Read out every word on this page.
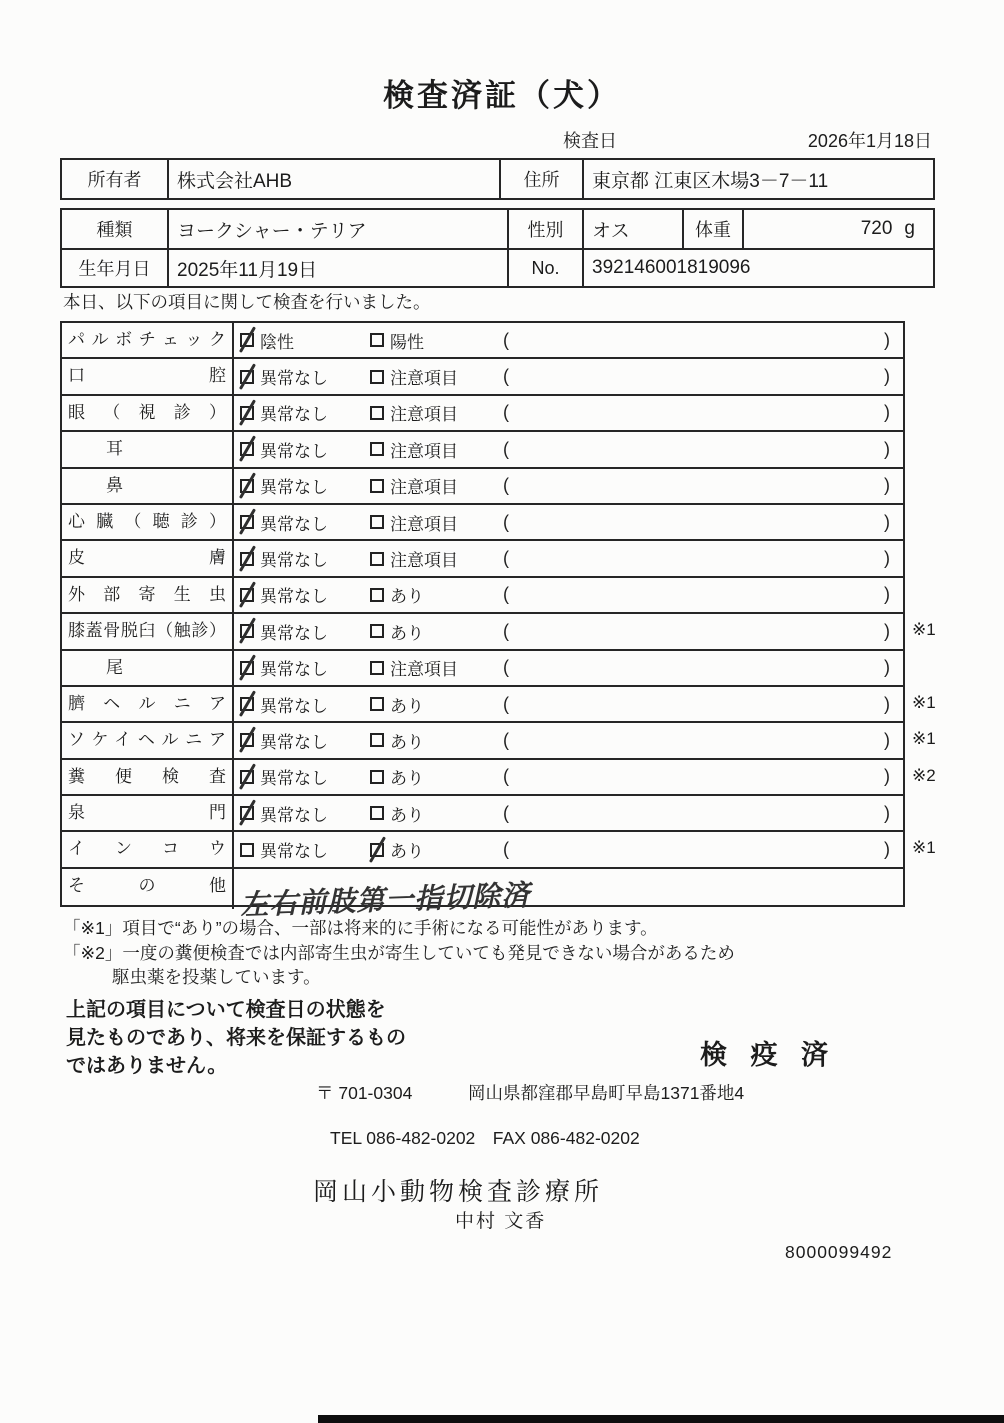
検査済証（犬）
検査日	2026年1月18日
所有者	株式会社AHB	住所	東京都 江東区木場3－7－11
種類	ヨークシャー・テリア	性別	オス	体重	720 g
生年月日	2025年11月19日	No.	392146001819096
本日、以下の項目に関して検査を行いました。
パルボチェック	陰性	陽性	(	)
口腔	異常なし	注意項目	(	)
眼（視診）	異常なし	注意項目	(	)
耳	異常なし	注意項目	(	)
鼻	異常なし	注意項目	(	)
心臓（聴診）	異常なし	注意項目	(	)
皮膚	異常なし	注意項目	(	)
外部寄生虫	異常なし	あり	(	)
膝蓋骨脱臼（触診）	異常なし	あり	(	) ※1
尾	異常なし	注意項目	(	)
臍ヘルニア	異常なし	あり	(	) ※1
ソケイヘルニア	異常なし	あり	(	) ※1
糞便検査	異常なし	あり	(	) ※2
泉門	異常なし	あり	(	)
インコウ	異常なし	あり	(	) ※1
その他 左右前肢第一指切除済
「※1」項目で“あり”の場合、一部は将来的に手術になる可能性があります。
「※2」一度の糞便検査では内部寄生虫が寄生していても発見できない場合があるため
駆虫薬を投薬しています。
上記の項目について検査日の状態を
見たものであり、将来を保証するもの
ではありません。	検 疫 済
〒 701-0304	岡山県都窪郡早島町早島1371番地4
TEL 086-482-0202　FAX 086-482-0202
岡山小動物検査診療所
中村 文香
8000099492
